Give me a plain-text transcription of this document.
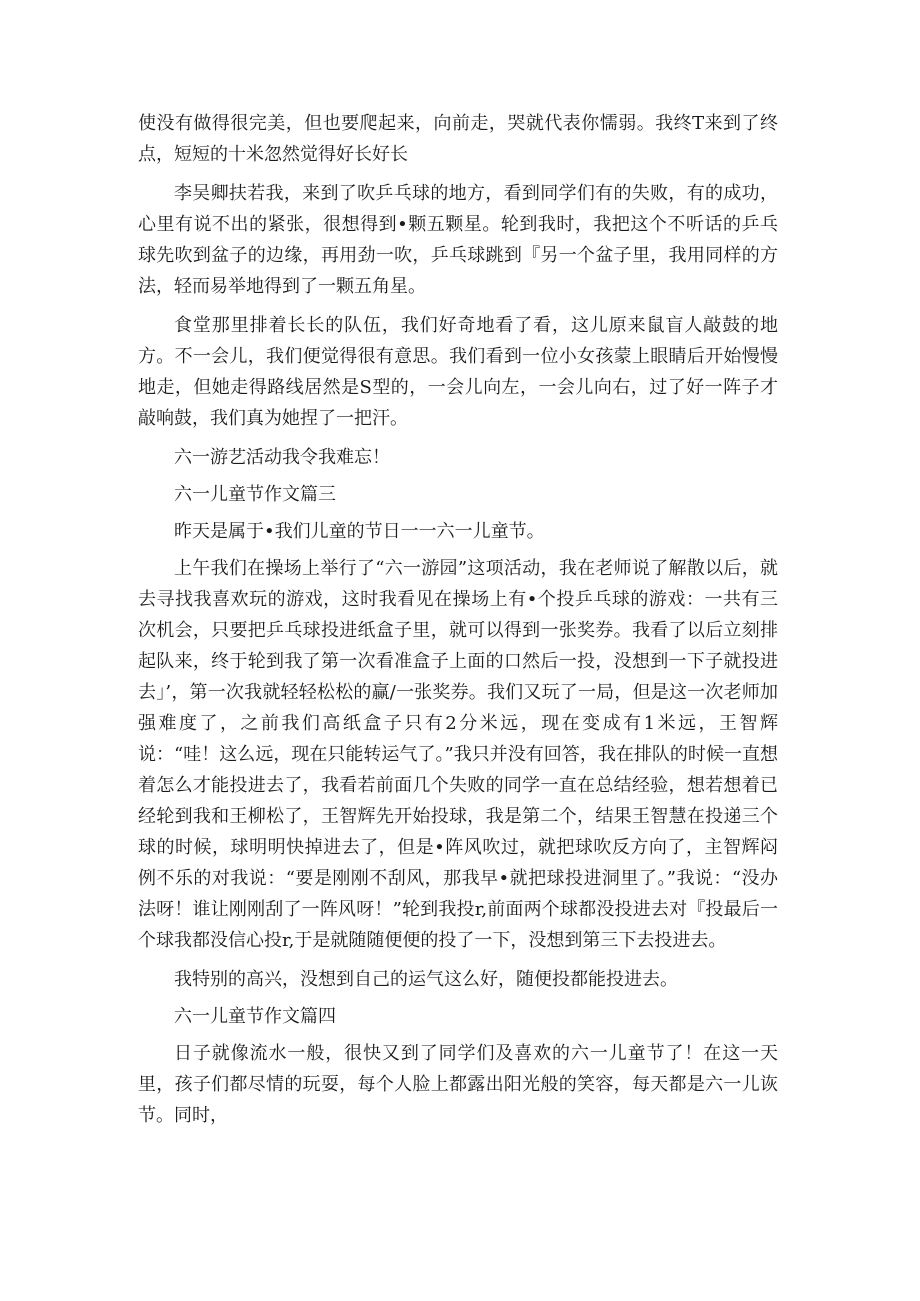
使没有做得很完美，但也要爬起来，向前走，哭就代表你懦弱。我终T来到了终点，短短的十米忽然觉得好长好长

李吴卿扶若我，来到了吹乒乓球的地方，看到同学们有的失败，有的成功，心里有说不出的紧张，很想得到•颗五颗星。轮到我时，我把这个不听话的乒乓球先吹到盆子的边缘，再用劲一吹，乒乓球跳到『另一个盆子里，我用同样的方法，轻而易举地得到了一颗五角星。

食堂那里排着长长的队伍，我们好奇地看了看，这儿原来鼠盲人敲鼓的地方。不一会儿，我们便觉得很有意思。我们看到一位小女孩蒙上眼睛后开始慢慢地走，但她走得路线居然是S型的，一会儿向左，一会儿向右，过了好一阵子才敲响鼓，我们真为她捏了一把汗。

六一游艺活动我令我难忘！

六一儿童节作文篇三

昨天是属于•我们儿童的节日一一六一儿童节。

上午我们在操场上举行了“六一游园”这项活动，我在老师说了解散以后，就去寻找我喜欢玩的游戏，这时我看见在操场上有•个投乒乓球的游戏：一共有三次机会，只要把乒乓球投进纸盒子里，就可以得到一张奖券。我看了以后立刻排起队来，终于轮到我了第一次看准盒子上面的口然后一投，没想到一下子就投进去」’，第一次我就轻轻松松的赢/一张奖券。我们又玩了一局，但是这一次老师加强难度了，之前我们高纸盒子只有2分米远，现在变成有1米远，王智辉说：“哇！这么远，现在只能转运气了。”我只并没有回答，我在排队的时候一直想着怎么才能投进去了，我看若前面几个失败的同学一直在总结经验，想若想着已经轮到我和王柳松了，王智辉先开始投球，我是第二个，结果王智慧在投递三个球的时候，球明明快掉进去了，但是•阵风吹过，就把球吹反方向了，主智辉闷例不乐的对我说：“要是刚刚不刮风，那我早•就把球投进洞里了。”我说：“没办法呀！谁让刚刚刮了一阵风呀！”轮到我投r,前面两个球都没投进去对『投最后一个球我都没信心投r,于是就随随便便的投了一下，没想到第三下去投进去。

我特别的高兴，没想到自己的运气这么好，随便投都能投进去。

六一儿童节作文篇四

日子就像流水一般，很快又到了同学们及喜欢的六一儿童节了！在这一天里，孩子们都尽情的玩耍，每个人脸上都露出阳光般的笑容，每天都是六一儿诙节。同时，
